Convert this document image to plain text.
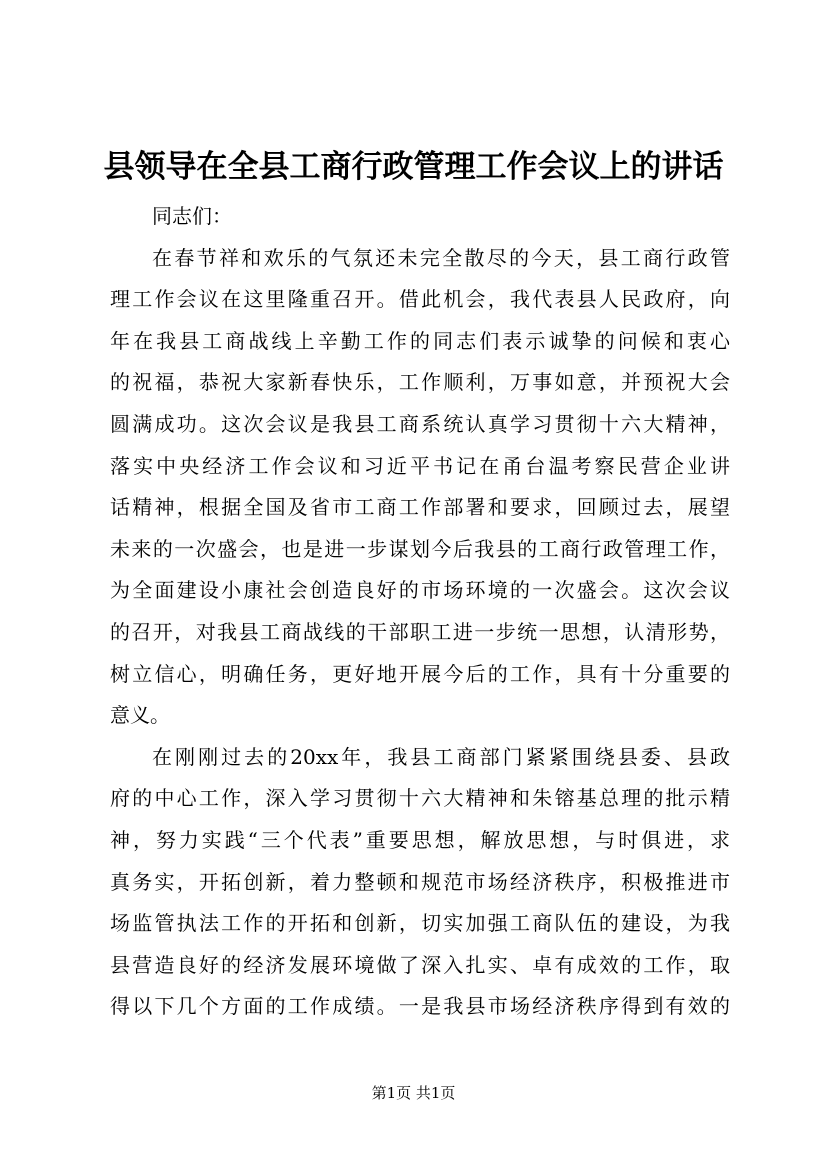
县领导在全县工商行政管理工作会议上的讲话
同志们：
在春节祥和欢乐的气氛还未完全散尽的今天，县工商行政管
理工作会议在这里隆重召开。借此机会，我代表县人民政府，向
年在我县工商战线上辛勤工作的同志们表示诚挚的问候和衷心
的祝福，恭祝大家新春快乐，工作顺利，万事如意，并预祝大会
圆满成功。这次会议是我县工商系统认真学习贯彻十六大精神，
落实中央经济工作会议和习近平书记在甬台温考察民营企业讲
话精神，根据全国及省市工商工作部署和要求，回顾过去，展望
未来的一次盛会，也是进一步谋划今后我县的工商行政管理工作，
为全面建设小康社会创造良好的市场环境的一次盛会。这次会议
的召开，对我县工商战线的干部职工进一步统一思想，认清形势，
树立信心，明确任务，更好地开展今后的工作，具有十分重要的
意义。
在刚刚过去的20xx年，我县工商部门紧紧围绕县委、县政
府的中心工作，深入学习贯彻十六大精神和朱镕基总理的批示精
神，努力实践“三个代表”重要思想，解放思想，与时俱进，求
真务实，开拓创新，着力整顿和规范市场经济秩序，积极推进市
场监管执法工作的开拓和创新，切实加强工商队伍的建设，为我
县营造良好的经济发展环境做了深入扎实、卓有成效的工作，取
得以下几个方面的工作成绩。一是我县市场经济秩序得到有效的
第1页 共1页
